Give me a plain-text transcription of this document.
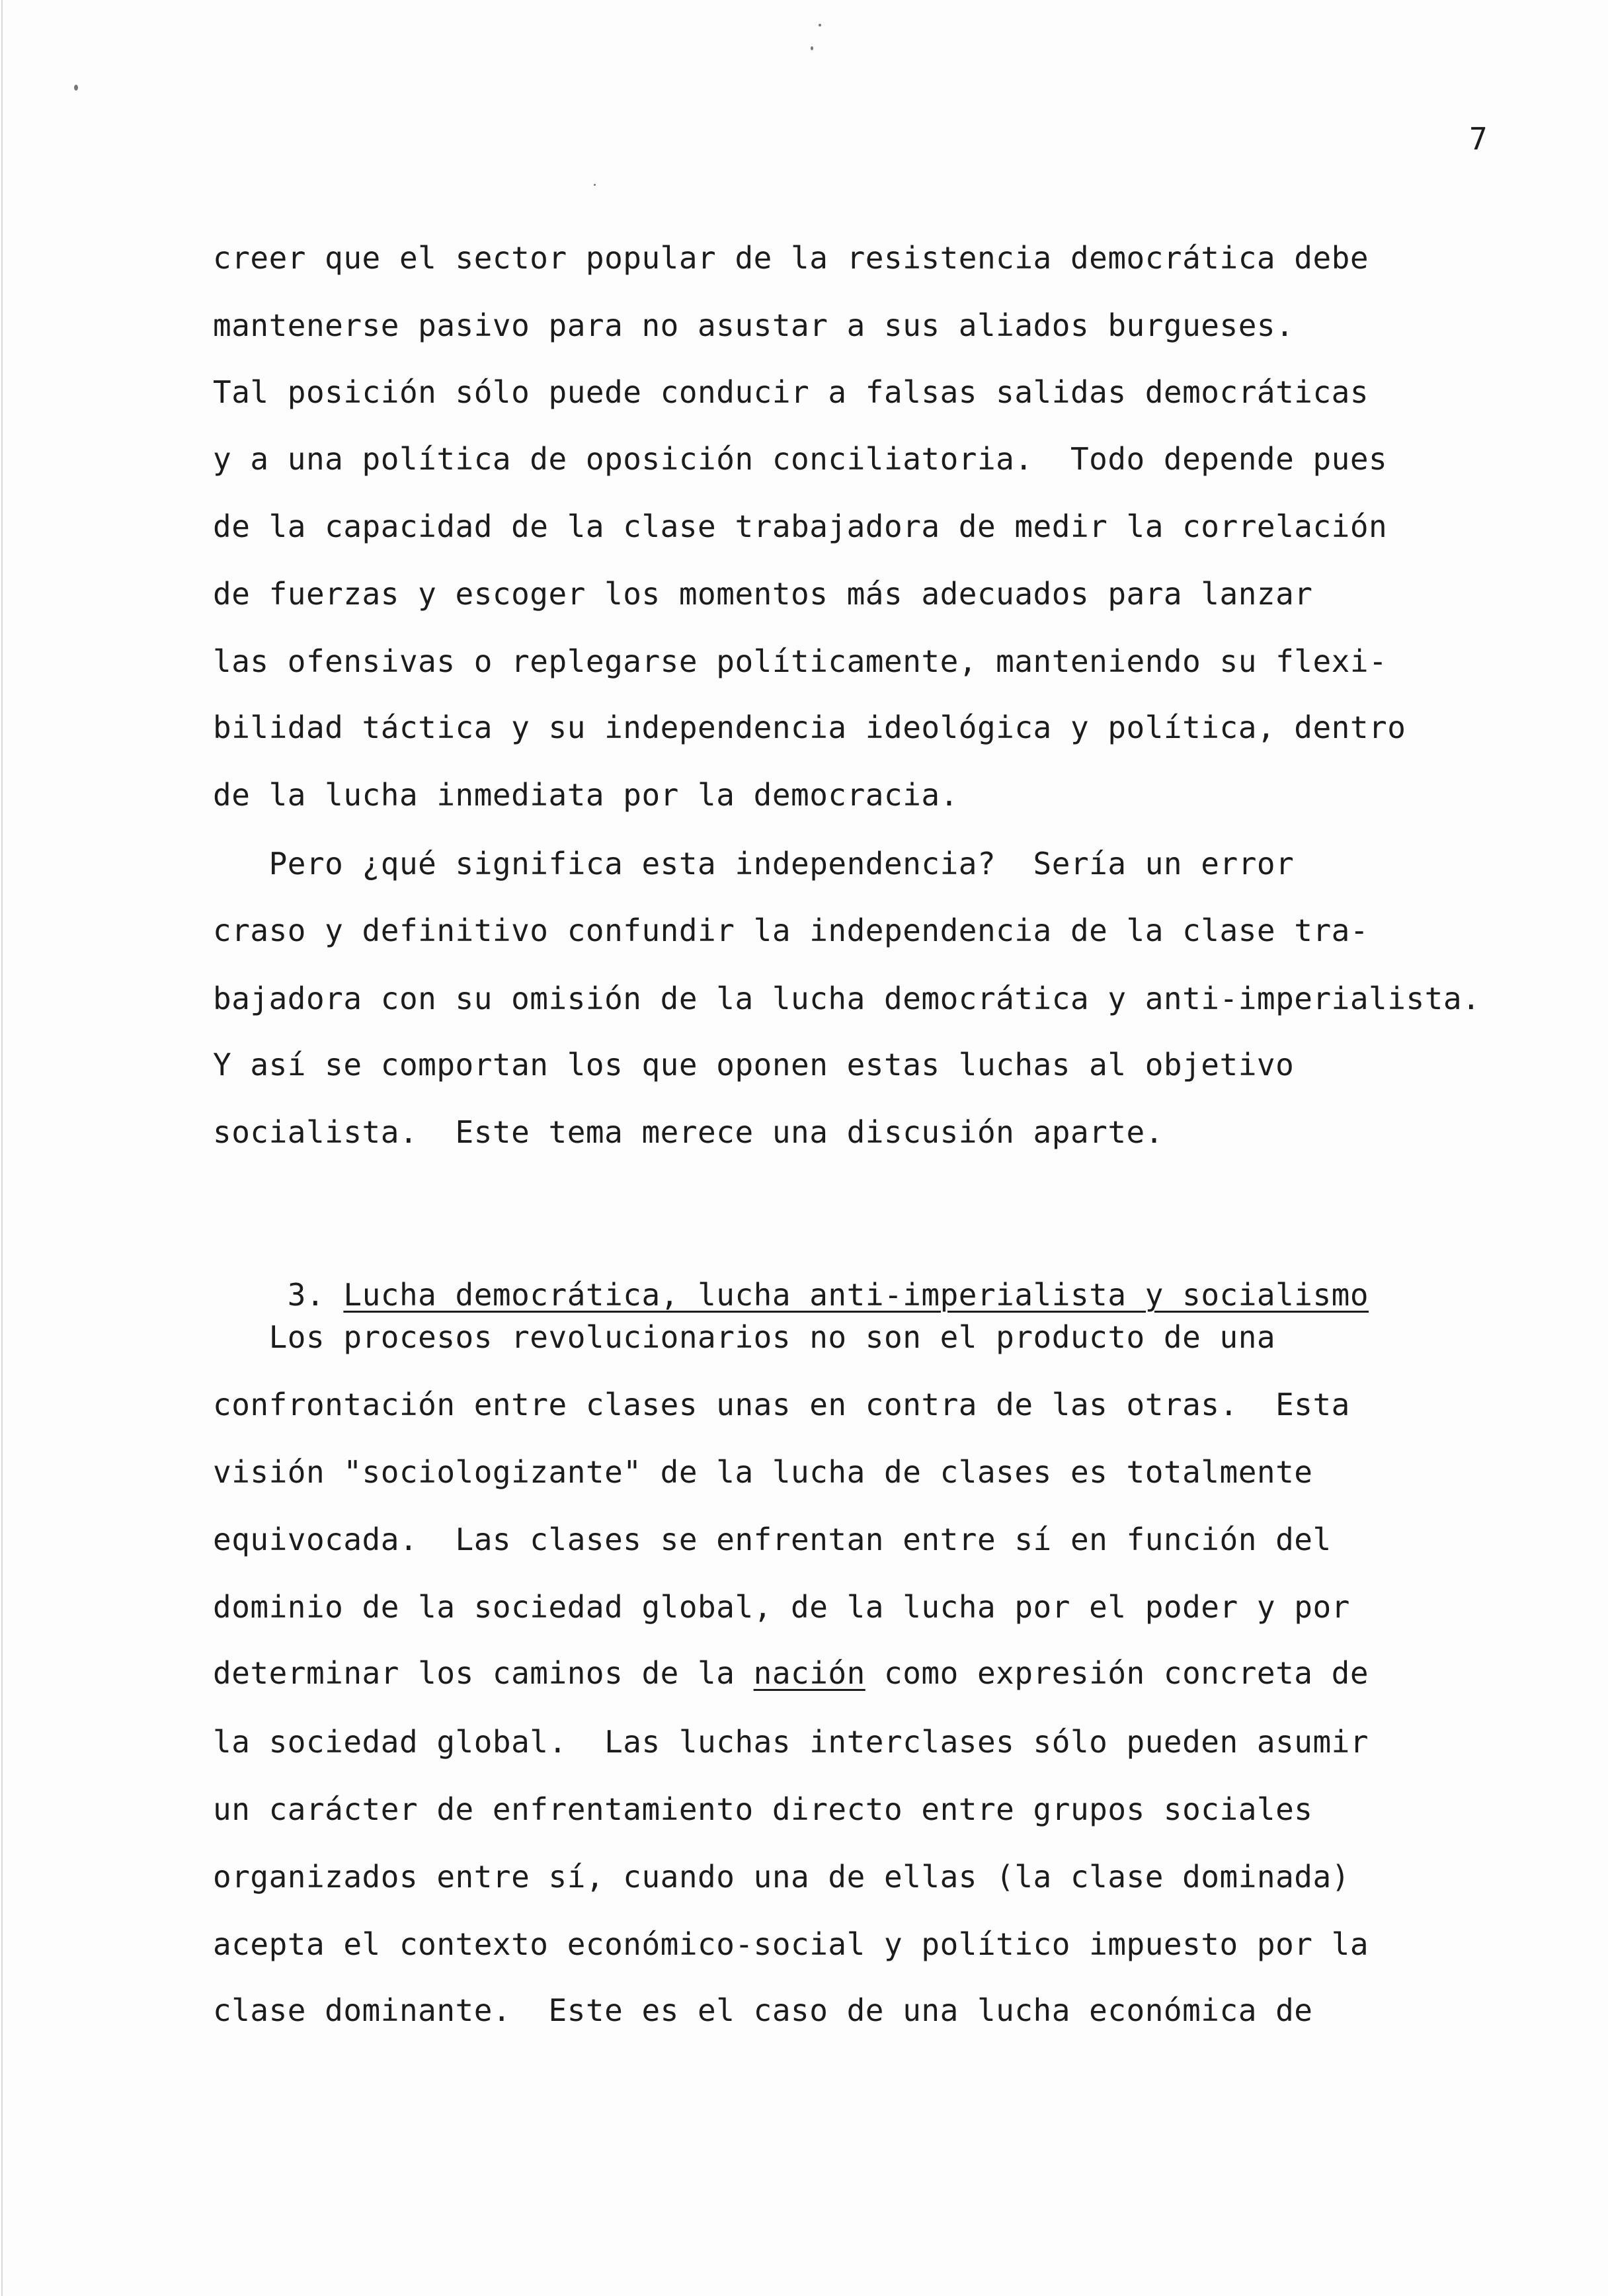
7
creer que el sector popular de la resistencia democrática debe
mantenerse pasivo para no asustar a sus aliados burgueses.
Tal posición sólo puede conducir a falsas salidas democráticas
y a una política de oposición conciliatoria.  Todo depende pues
de la capacidad de la clase trabajadora de medir la correlación
de fuerzas y escoger los momentos más adecuados para lanzar
las ofensivas o replegarse políticamente, manteniendo su flexi-
bilidad táctica y su independencia ideológica y política, dentro
de la lucha inmediata por la democracia.
Pero ¿qué significa esta independencia?  Sería un error
craso y definitivo confundir la independencia de la clase tra-
bajadora con su omisión de la lucha democrática y anti-imperialista.
Y así se comportan los que oponen estas luchas al objetivo
socialista.  Este tema merece una discusión aparte.

3. Lucha democrática, lucha anti-imperialista y socialismo

Los procesos revolucionarios no son el producto de una
confrontación entre clases unas en contra de las otras.  Esta
visión "sociologizante" de la lucha de clases es totalmente
equivocada.  Las clases se enfrentan entre sí en función del
dominio de la sociedad global, de la lucha por el poder y por
determinar los caminos de la nación como expresión concreta de
la sociedad global.  Las luchas interclases sólo pueden asumir
un carácter de enfrentamiento directo entre grupos sociales
organizados entre sí, cuando una de ellas (la clase dominada)
acepta el contexto económico-social y político impuesto por la
clase dominante.  Este es el caso de una lucha económica de
